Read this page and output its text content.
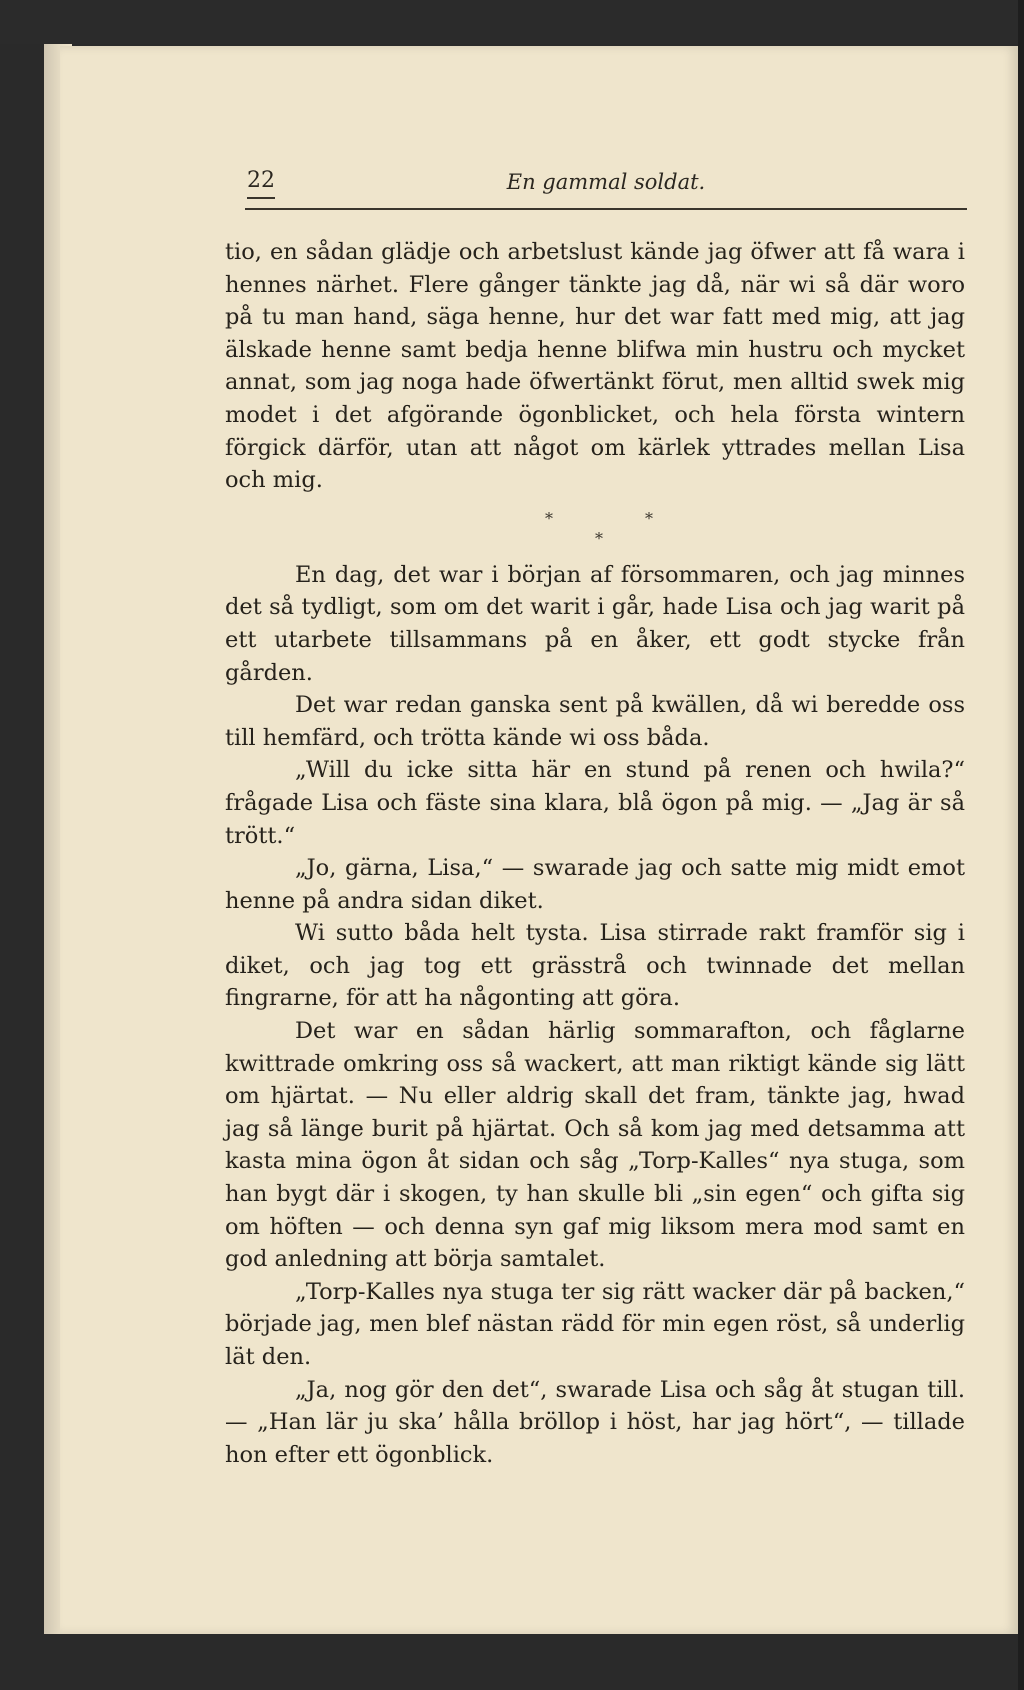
22	En gammal soldat.

tio, en sådan glädje och arbetslust kände jag öfwer att få wara i hennes närhet. Flere gånger tänkte jag då, när wi så där woro på tu man hand, säga henne, hur det war fatt med mig, att jag älskade henne samt bedja henne blifwa min hustru och mycket annat, som jag noga hade öfwertänkt förut, men alltid swek mig modet i det afgörande ögonblicket, och hela första wintern förgick därför, utan att något om kärlek yttrades mellan Lisa och mig.

*	*
*

En dag, det war i början af försommaren, och jag minnes det så tydligt, som om det warit i går, hade Lisa och jag warit på ett utarbete tillsammans på en åker, ett godt stycke från gården.

Det war redan ganska sent på kwällen, då wi beredde oss till hemfärd, och trötta kände wi oss båda.

„Will du icke sitta här en stund på renen och hwila?“ frågade Lisa och fäste sina klara, blå ögon på mig. — „Jag är så trött.“

„Jo, gärna, Lisa,“ — swarade jag och satte mig midt emot henne på andra sidan diket.

Wi sutto båda helt tysta. Lisa stirrade rakt framför sig i diket, och jag tog ett grässtrå och twinnade det mellan fingrarne, för att ha någonting att göra.

Det war en sådan härlig sommarafton, och fåglarne kwittrade omkring oss så wackert, att man riktigt kände sig lätt om hjärtat. — Nu eller aldrig skall det fram, tänkte jag, hwad jag så länge burit på hjärtat. Och så kom jag med detsamma att kasta mina ögon åt sidan och såg „Torp-Kalles“ nya stuga, som han bygt där i skogen, ty han skulle bli „sin egen“ och gifta sig om höften — och denna syn gaf mig liksom mera mod samt en god anledning att börja samtalet.

„Torp-Kalles nya stuga ter sig rätt wacker där på backen,“ började jag, men blef nästan rädd för min egen röst, så underlig lät den.

„Ja, nog gör den det“, swarade Lisa och såg åt stugan till. — „Han lär ju ska’ hålla bröllop i höst, har jag hört“, — tillade hon efter ett ögonblick.
